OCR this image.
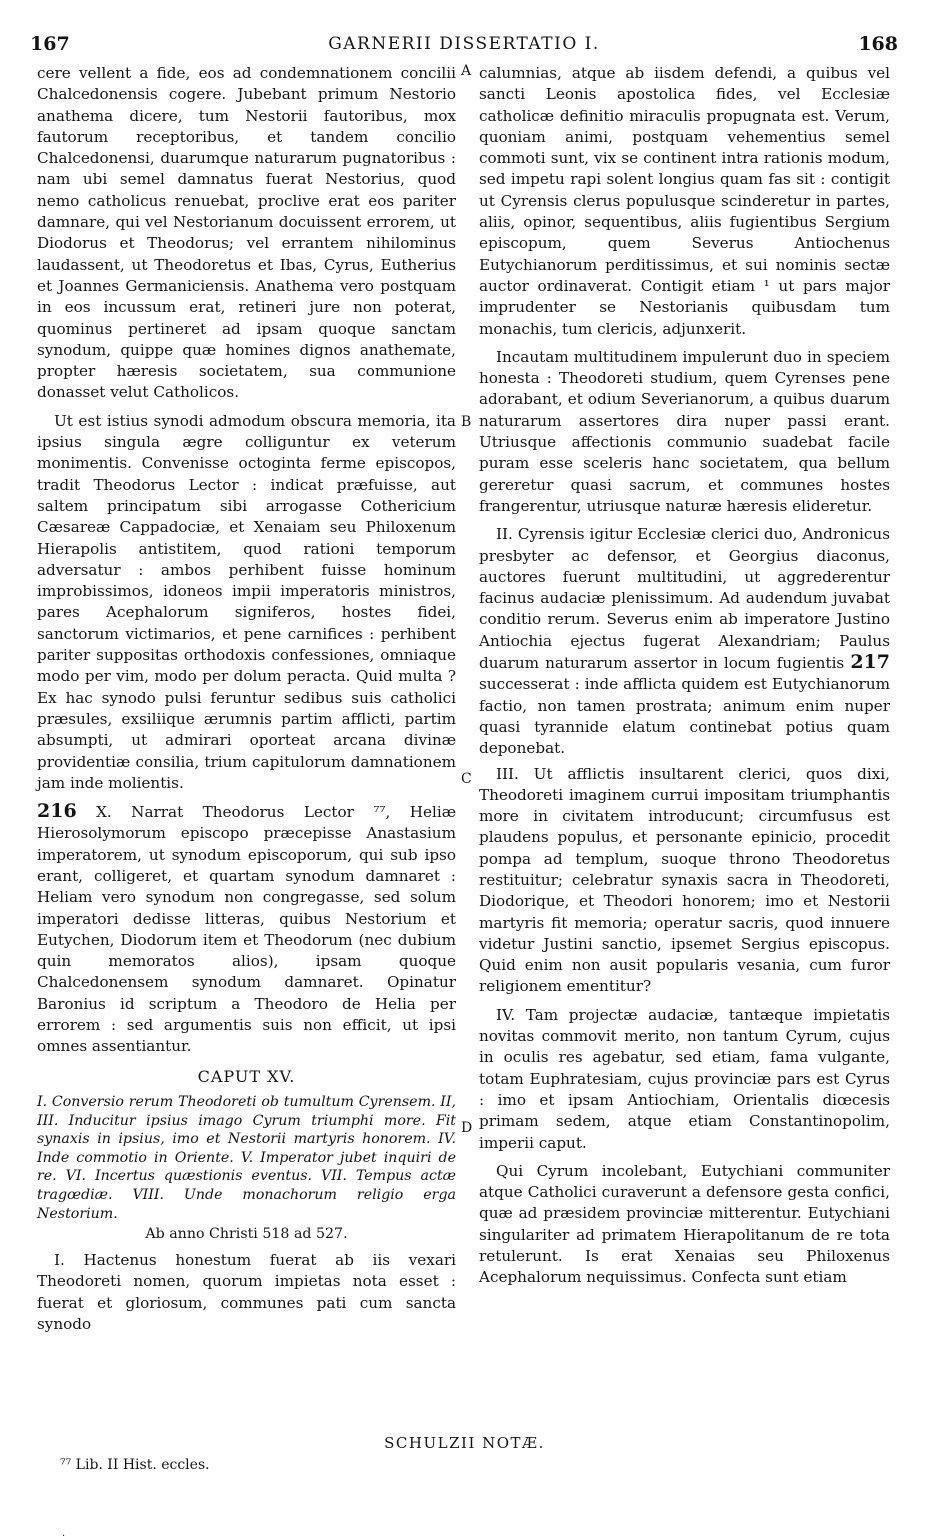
167	GARNERII DISSERTATIO I.	168

cere vellent a fide, eos ad condemnationem concilii Chalcedonensis cogere. Jubebant primum Nestorio anathema dicere, tum Nestorii fautoribus, mox fautorum receptoribus, et tandem concilio Chalcedonensi, duarumque naturarum pugnatoribus : nam ubi semel damnatus fuerat Nestorius, quod nemo catholicus renuebat, proclive erat eos pariter damnare, qui vel Nestorianum docuissent errorem, ut Diodorus et Theodorus; vel errantem nihilominus laudassent, ut Theodoretus et Ibas, Cyrus, Eutherius et Joannes Germaniciensis. Anathema vero postquam in eos incussum erat, retineri jure non poterat, quominus pertineret ad ipsam quoque sanctam synodum, quippe quæ homines dignos anathemate, propter hæresis societatem, sua communione donasset velut Catholicos.

Ut est istius synodi admodum obscura memoria, ita ipsius singula ægre colliguntur ex veterum monimentis. Convenisse octoginta ferme episcopos, tradit Theodorus Lector : indicat præfuisse, aut saltem principatum sibi arrogasse Cothericium Cæsareæ Cappadociæ, et Xenaiam seu Philoxenum Hierapolis antistitem, quod rationi temporum adversatur : ambos perhibent fuisse hominum improbissimos, idoneos impii imperatoris ministros, pares Acephalorum signiferos, hostes fidei, sanctorum victimarios, et pene carnifices : perhibent pariter suppositas orthodoxis confessiones, omniaque modo per vim, modo per dolum peracta. Quid multa ? Ex hac synodo pulsi feruntur sedibus suis catholici præsules, exsiliique ærumnis partim afflicti, partim absumpti, ut admirari oporteat arcana divinæ providentiæ consilia, trium capitulorum damnationem jam inde molientis.

216 X. Narrat Theodorus Lector ⁷⁷, Heliæ Hierosolymorum episcopo præcepisse Anastasium imperatorem, ut synodum episcoporum, qui sub ipso erant, colligeret, et quartam synodum damnaret : Heliam vero synodum non congregasse, sed solum imperatori dedisse litteras, quibus Nestorium et Eutychen, Diodorum item et Theodorum (nec dubium quin memoratos alios), ipsam quoque Chalcedonensem synodum damnaret. Opinatur Baronius id scriptum a Theodoro de Helia per errorem : sed argumentis suis non efficit, ut ipsi omnes assentiantur.

CAPUT XV.
I. Conversio rerum Theodoreti ob tumultum Cyrensem. II, III. Inducitur ipsius imago Cyrum triumphi more. Fit synaxis in ipsius, imo et Nestorii martyris honorem. IV. Inde commotio in Oriente. V. Imperator jubet inquiri de re. VI. Incertus quæstionis eventus. VII. Tempus actæ tragœdiæ. VIII. Unde monachorum religio erga Nestorium.
Ab anno Christi 518 ad 527.

I. Hactenus honestum fuerat ab iis vexari Theodoreti nomen, quorum impietas nota esset : fuerat et gloriosum, communes pati cum sancta synodo

A
B
C
D

calumnias, atque ab iisdem defendi, a quibus vel sancti Leonis apostolica fides, vel Ecclesiæ catholicæ definitio miraculis propugnata est. Verum, quoniam animi, postquam vehementius semel commoti sunt, vix se continent intra rationis modum, sed impetu rapi solent longius quam fas sit : contigit ut Cyrensis clerus populusque scinderetur in partes, aliis, opinor, sequentibus, aliis fugientibus Sergium episcopum, quem Severus Antiochenus Eutychianorum perditissimus, et sui nominis sectæ auctor ordinaverat. Contigit etiam ¹ ut pars major imprudenter se Nestorianis quibusdam tum monachis, tum clericis, adjunxerit.

Incautam multitudinem impulerunt duo in speciem honesta : Theodoreti studium, quem Cyrenses pene adorabant, et odium Severianorum, a quibus duarum naturarum assertores dira nuper passi erant. Utriusque affectionis communio suadebat facile puram esse sceleris hanc societatem, qua bellum gereretur quasi sacrum, et communes hostes frangerentur, utriusque naturæ hæresis elideretur.

II. Cyrensis igitur Ecclesiæ clerici duo, Andronicus presbyter ac defensor, et Georgius diaconus, auctores fuerunt multitudini, ut aggrederentur facinus audaciæ plenissimum. Ad audendum juvabat conditio rerum. Severus enim ab imperatore Justino Antiochia ejectus fugerat Alexandriam; Paulus duarum naturarum assertor in locum fugientis 217 successerat : inde afflicta quidem est Eutychianorum factio, non tamen prostrata; animum enim nuper quasi tyrannide elatum continebat potius quam deponebat.

III. Ut afflictis insultarent clerici, quos dixi, Theodoreti imaginem currui impositam triumphantis more in civitatem introducunt; circumfusus est plaudens populus, et personante epinicio, procedit pompa ad templum, suoque throno Theodoretus restituitur; celebratur synaxis sacra in Theodoreti, Diodorique, et Theodori honorem; imo et Nestorii martyris fit memoria; operatur sacris, quod innuere videtur Justini sanctio, ipsemet Sergius episcopus. Quid enim non ausit popularis vesania, cum furor religionem ementitur?

IV. Tam projectæ audaciæ, tantæque impietatis novitas commovit merito, non tantum Cyrum, cujus in oculis res agebatur, sed etiam, fama vulgante, totam Euphratesiam, cujus provinciæ pars est Cyrus : imo et ipsam Antiochiam, Orientalis diœcesis primam sedem, atque etiam Constantinopolim, imperii caput.

Qui Cyrum incolebant, Eutychiani communiter atque Catholici curaverunt a defensore gesta confici, quæ ad præsidem provinciæ mitterentur. Eutychiani singulariter ad primatem Hierapolitanum de re tota retulerunt. Is erat Xenaias seu Philoxenus Acephalorum nequissimus. Confecta sunt etiam

SCHULZII NOTÆ.
⁷⁷ Lib. II Hist. eccles.
.
